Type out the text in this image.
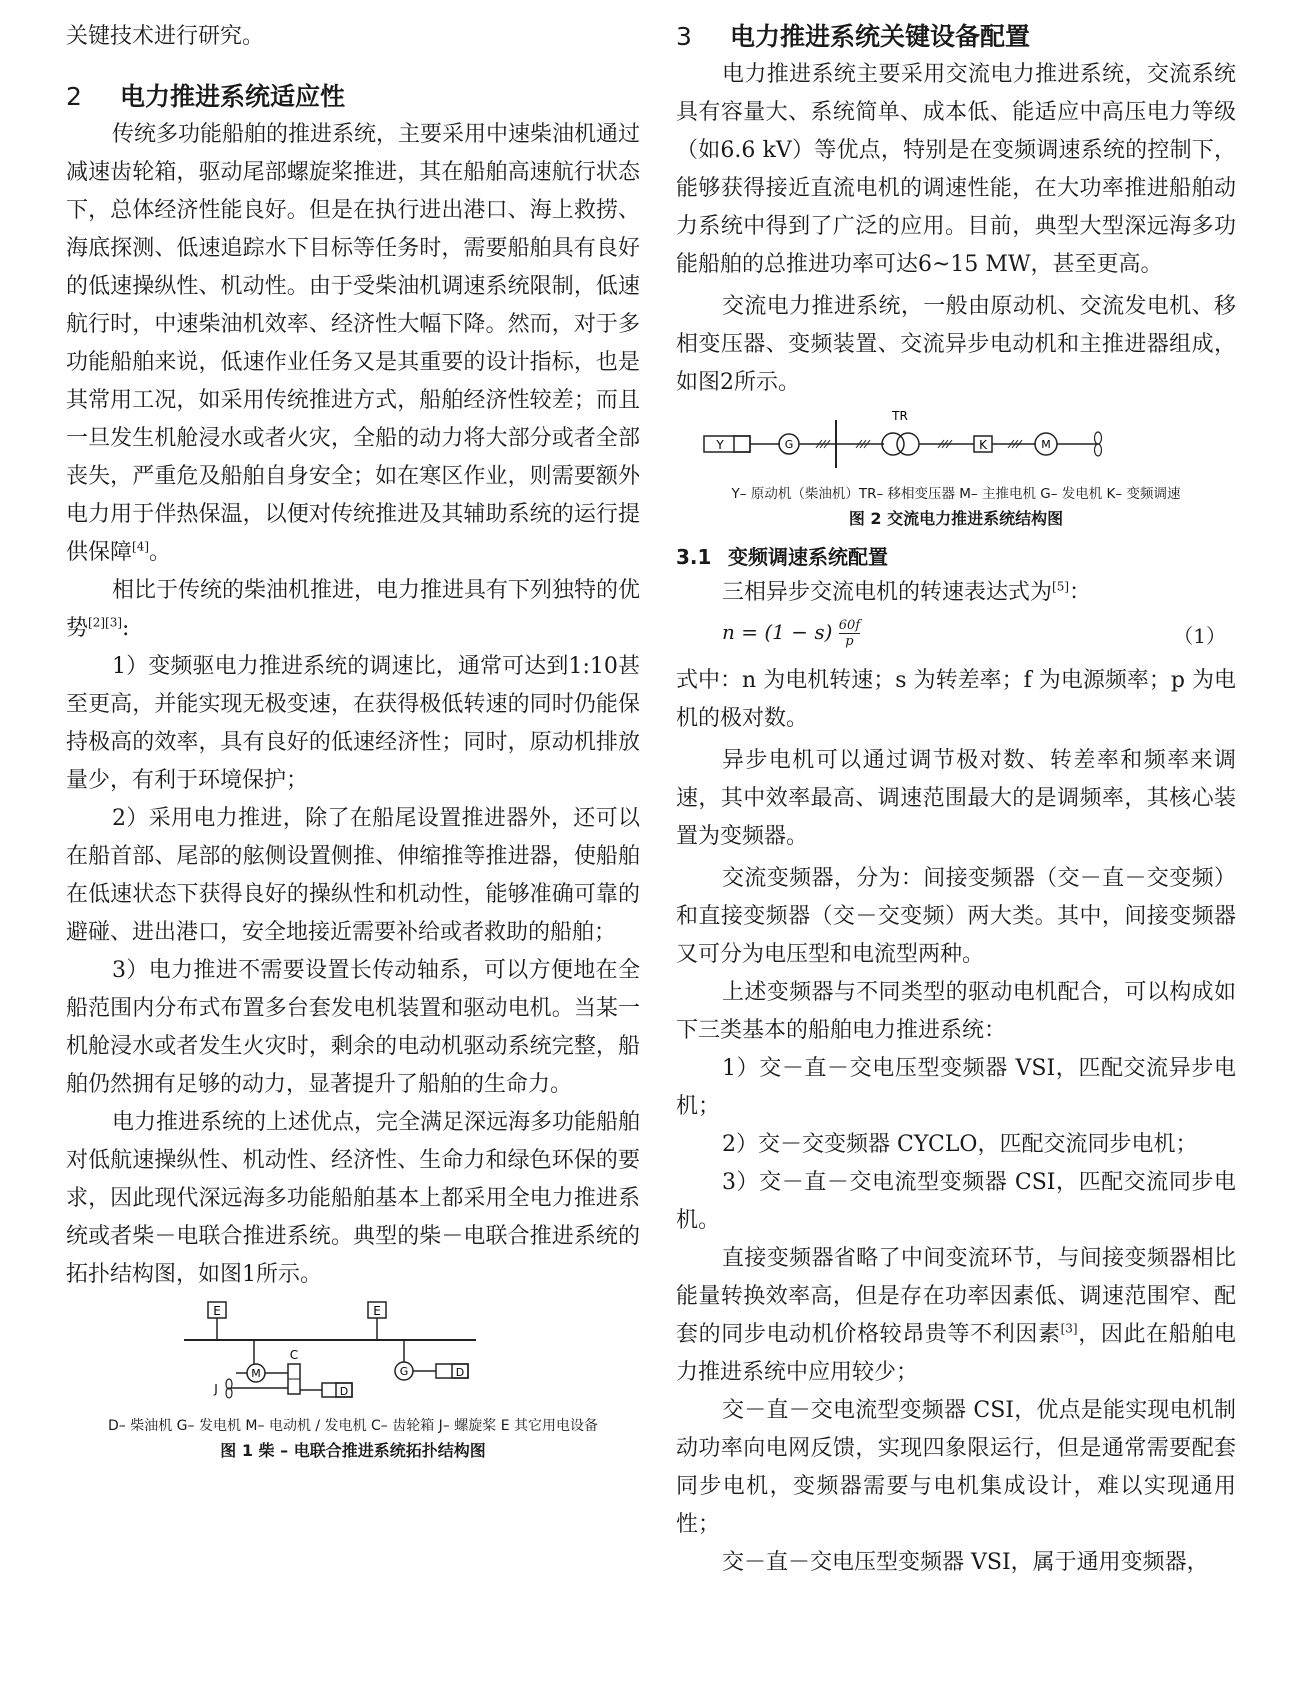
关键技术进行研究。

2 电力推进系统适应性

传统多功能船舶的推进系统，主要采用中速柴油机通过减速齿轮箱，驱动尾部螺旋桨推进，其在船舶高速航行状态下，总体经济性能良好。但是在执行进出港口、海上救捞、海底探测、低速追踪水下目标等任务时，需要船舶具有良好的低速操纵性、机动性。由于受柴油机调速系统限制，低速航行时，中速柴油机效率、经济性大幅下降。然而，对于多功能船舶来说，低速作业任务又是其重要的设计指标，也是其常用工况，如采用传统推进方式，船舶经济性较差；而且一旦发生机舱浸水或者火灾，全船的动力将大部分或者全部丧失，严重危及船舶自身安全；如在寒区作业，则需要额外电力用于伴热保温，以便对传统推进及其辅助系统的运行提供保障[4]。

相比于传统的柴油机推进，电力推进具有下列独特的优势[2][3]:

1）变频驱电力推进系统的调速比，通常可达到1:10甚至更高，并能实现无极变速，在获得极低转速的同时仍能保持极高的效率，具有良好的低速经济性；同时，原动机排放量少，有利于环境保护；

2）采用电力推进，除了在船尾设置推进器外，还可以在船首部、尾部的舷侧设置侧推、伸缩推等推进器，使船舶在低速状态下获得良好的操纵性和机动性，能够准确可靠的避碰、进出港口，安全地接近需要补给或者救助的船舶；

3）电力推进不需要设置长传动轴系，可以方便地在全船范围内分布式布置多台套发电机装置和驱动电机。当某一机舱浸水或者发生火灾时，剩余的电动机驱动系统完整，船舶仍然拥有足够的动力，显著提升了船舶的生命力。

电力推进系统的上述优点，完全满足深远海多功能船舶对低航速操纵性、机动性、经济性、生命力和绿色环保的要求，因此现代深远海多功能船舶基本上都采用全电力推进系统或者柴－电联合推进系统。典型的柴－电联合推进系统的拓扑结构图，如图1所示。

E	E
M
C
J	D
G	D

D– 柴油机 G– 发电机 M– 电动机 / 发电机 C– 齿轮箱 J– 螺旋桨 E 其它用电设备

图 1 柴 – 电联合推进系统拓扑结构图

3 电力推进系统关键设备配置

电力推进系统主要采用交流电力推进系统，交流系统具有容量大、系统简单、成本低、能适应中高压电力等级（如6.6 kV）等优点，特别是在变频调速系统的控制下，能够获得接近直流电机的调速性能，在大功率推进船舶动力系统中得到了广泛的应用。目前，典型大型深远海多功能船舶的总推进功率可达6~15 MW，甚至更高。

交流电力推进系统，一般由原动机、交流发电机、移相变压器、变频装置、交流异步电动机和主推进器组成，如图2所示。

Y	G
TR
K	M

Y– 原动机（柴油机）TR– 移相变压器 M– 主推电机 G– 发电机 K– 变频调速

图 2 交流电力推进系统结构图

3.1 变频调速系统配置

三相异步交流电机的转速表达式为[5]：

$n = (1 - s) \frac{60f}{p}$	（1）

式中：n 为电机转速；s 为转差率；f 为电源频率；p 为电机的极对数。

异步电机可以通过调节极对数、转差率和频率来调速，其中效率最高、调速范围最大的是调频率，其核心装置为变频器。

交流变频器，分为：间接变频器（交－直－交变频）和直接变频器（交－交变频）两大类。其中，间接变频器又可分为电压型和电流型两种。

上述变频器与不同类型的驱动电机配合，可以构成如下三类基本的船舶电力推进系统：

1）交－直－交电压型变频器 VSI，匹配交流异步电机；

2）交－交变频器 CYCLO，匹配交流同步电机；

3）交－直－交电流型变频器 CSI，匹配交流同步电机。

直接变频器省略了中间变流环节，与间接变频器相比能量转换效率高，但是存在功率因素低、调速范围窄、配套的同步电动机价格较昂贵等不利因素[3]，因此在船舶电力推进系统中应用较少；

交－直－交电流型变频器 CSI，优点是能实现电机制动功率向电网反馈，实现四象限运行，但是通常需要配套同步电机，变频器需要与电机集成设计，难以实现通用性；

交－直－交电压型变频器 VSI，属于通用变频器，
